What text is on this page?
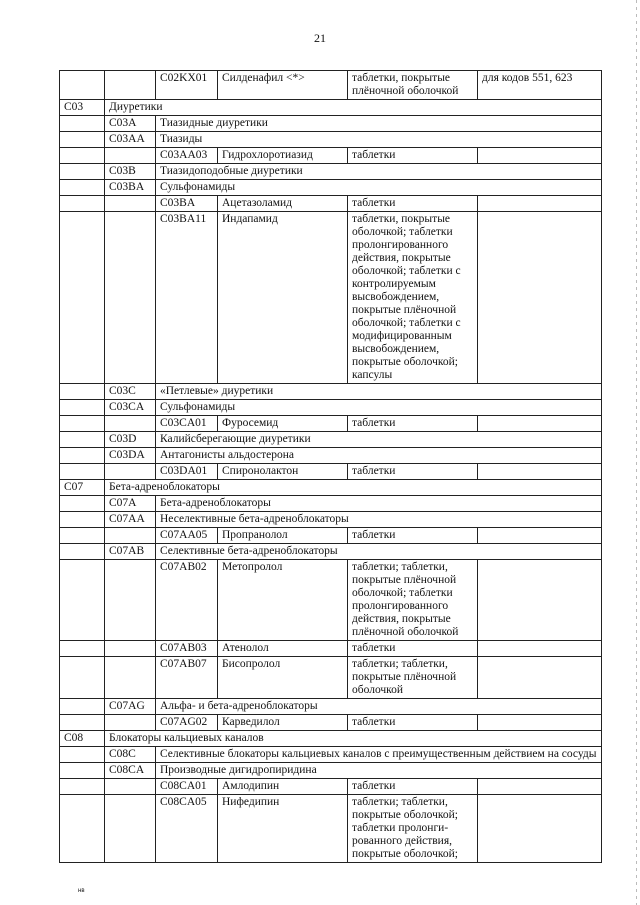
21
		C02KX01	Силденафил <*>	таблетки, покрытые плёночной оболочкой	для кодов 551, 623
C03	Диуретики				
	C03A	Тиазидные диуретики			
	C03AA	Тиазиды			
		C03AA03	Гидрохлоротиазид	таблетки	
	C03B	Тиазидоподобные диуретики			
	C03BA	Сульфонамиды			
		C03BA	Ацетазоламид	таблетки	
		C03BA11	Индапамид	таблетки, покрытые оболочкой; таблетки пролонгированного действия, покрытые оболочкой; таблетки с контролируемым высвобождением, покрытые плёночной оболочкой; таблетки с модифицированным высвобождением, покрытые оболочкой; капсулы	
	C03C	«Петлевые» диуретики			
	C03CA	Сульфонамиды			
		C03CA01	Фуросемид	таблетки	
	C03D	Калийсберегающие диуретики			
	C03DA	Антагонисты альдостерона			
		C03DA01	Спиронолактон	таблетки	
C07	Бета-адреноблокаторы				
	C07A	Бета-адреноблокаторы			
	C07AA	Неселективные бета-адреноблокаторы			
		C07AA05	Пропранолол	таблетки	
	C07AB	Селективные бета-адреноблокаторы			
		C07AB02	Метопролол	таблетки; таблетки, покрытые плёночной оболочкой; таблетки пролонгированного действия, покрытые плёночной оболочкой	
		C07AB03	Атенолол	таблетки	
		C07AB07	Бисопролол	таблетки; таблетки, покрытые плёночной оболочкой	
	C07AG	Альфа- и бета-адреноблокаторы			
		C07AG02	Карведилол	таблетки	
C08	Блокаторы кальциевых каналов				
	C08C	Селективные блокаторы кальциевых каналов с преимущественным действием на сосуды			
	C08CA	Производные дигидропиридина			
		C08CA01	Амлодипин	таблетки	
		C08CA05	Нифедипин	таблетки; таблетки, покрытые оболочкой; таблетки пролонги-рованного действия, покрытые оболочкой;	
нв
